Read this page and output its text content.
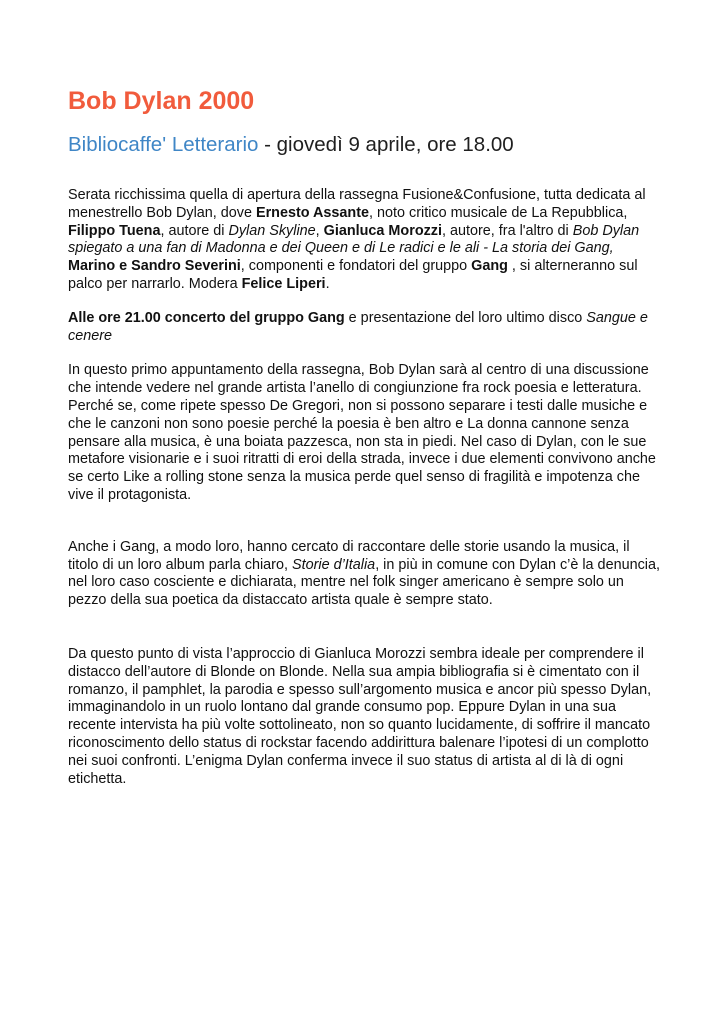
Bob Dylan 2000
Bibliocaffe' Letterario - giovedì 9 aprile, ore 18.00

Serata ricchissima quella di apertura della rassegna Fusione&Confusione, tutta dedicata al menestrello Bob Dylan, dove Ernesto Assante, noto critico musicale de La Repubblica, Filippo Tuena, autore di Dylan Skyline, Gianluca Morozzi, autore, fra l'altro di Bob Dylan spiegato a una fan di Madonna e dei Queen e di Le radici e le ali - La storia dei Gang, Marino e Sandro Severini, componenti e fondatori del gruppo Gang , si alterneranno sul palco per narrarlo. Modera Felice Liperi.

Alle ore 21.00 concerto del gruppo Gang e presentazione del loro ultimo disco Sangue e cenere

In questo primo appuntamento della rassegna, Bob Dylan sarà al centro di una discussione che intende vedere nel grande artista l’anello di congiunzione fra rock poesia e letteratura. Perché se, come ripete spesso De Gregori, non si possono separare i testi dalle musiche e che le canzoni non sono poesie perché la poesia è ben altro e La donna cannone senza pensare alla musica, è una boiata pazzesca, non sta in piedi. Nel caso di Dylan, con le sue metafore visionarie e i suoi ritratti di eroi della strada, invece i due elementi convivono anche se certo Like a rolling stone senza la musica perde quel senso di fragilità e impotenza che vive il protagonista.

Anche i Gang, a modo loro, hanno cercato di raccontare delle storie usando la musica, il titolo di un loro album parla chiaro, Storie d’Italia, in più in comune con Dylan c’è la denuncia, nel loro caso cosciente e dichiarata, mentre nel folk singer americano è sempre solo un pezzo della sua poetica da distaccato artista quale è sempre stato.

Da questo punto di vista l’approccio di Gianluca Morozzi sembra ideale per comprendere il distacco dell’autore di Blonde on Blonde. Nella sua ampia bibliografia si è cimentato con il romanzo, il pamphlet, la parodia e spesso sull’argomento musica e ancor più spesso Dylan, immaginandolo in un ruolo lontano dal grande consumo pop. Eppure Dylan in una sua recente intervista ha più volte sottolineato, non so quanto lucidamente, di soffrire il mancato riconoscimento dello status di rockstar facendo addirittura balenare l’ipotesi di un complotto nei suoi confronti. L’enigma Dylan conferma invece il suo status di artista al di là di ogni etichetta.
